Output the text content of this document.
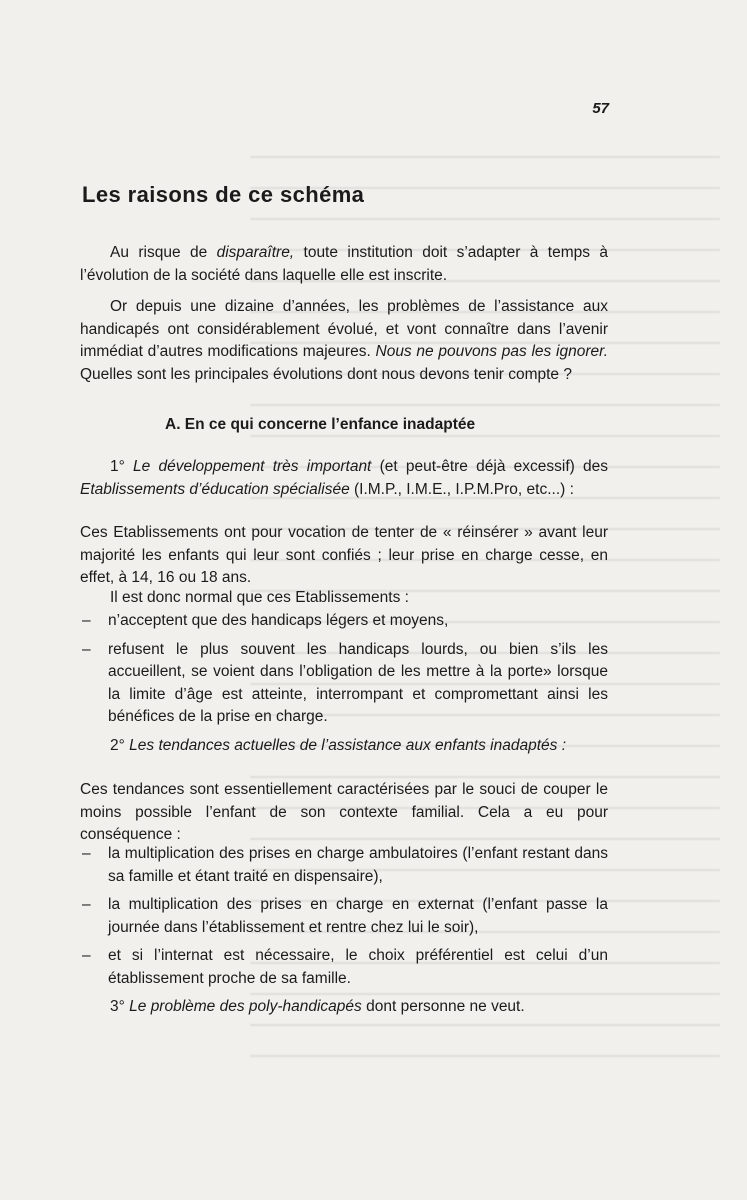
57
Les raisons de ce schéma

Au risque de disparaître, toute institution doit s’adapter à temps à l’évolution de la société dans laquelle elle est inscrite.

Or depuis une dizaine d’années, les problèmes de l’assistance aux handicapés ont considérablement évolué, et vont connaître dans l’avenir immédiat d’autres modifications majeures. Nous ne pouvons pas les ignorer. Quelles sont les principales évolutions dont nous devons tenir compte ?

A. En ce qui concerne l’enfance inadaptée

1° Le développement très important (et peut-être déjà excessif) des Etablissements d’éducation spécialisée (I.M.P., I.M.E., I.P.M.Pro, etc...) :

Ces Etablissements ont pour vocation de tenter de « réinsérer » avant leur majorité les enfants qui leur sont confiés ; leur prise en charge cesse, en effet, à 14, 16 ou 18 ans.

Il est donc normal que ces Etablissements :

– n’acceptent que des handicaps légers et moyens,
– refusent le plus souvent les handicaps lourds, ou bien s’ils les accueillent, se voient dans l’obligation de les mettre à la porte» lorsque la limite d’âge est atteinte, interrompant et compromettant ainsi les bénéfices de la prise en charge.

2° Les tendances actuelles de l’assistance aux enfants inadaptés :

Ces tendances sont essentiellement caractérisées par le souci de couper le moins possible l’enfant de son contexte familial. Cela a eu pour conséquence :

– la multiplication des prises en charge ambulatoires (l’enfant restant dans sa famille et étant traité en dispensaire),
– la multiplication des prises en charge en externat (l’enfant passe la journée dans l’établissement et rentre chez lui le soir),
– et si l’internat est nécessaire, le choix préférentiel est celui d’un établissement proche de sa famille.

3° Le problème des poly-handicapés dont personne ne veut.
